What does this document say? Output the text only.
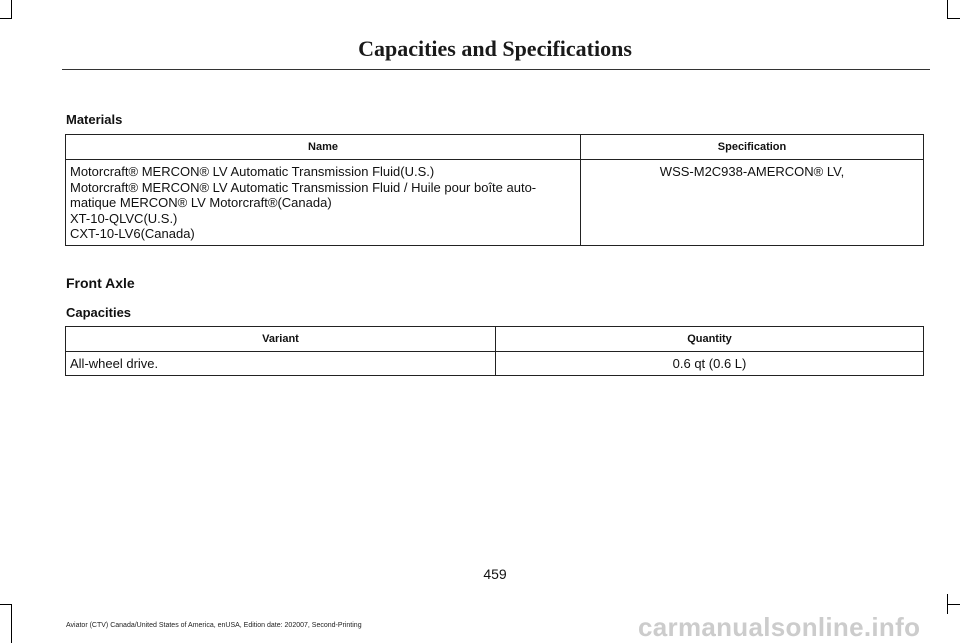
Capacities and Specifications
Materials
Name	Specification

Motorcraft® MERCON® LV Automatic Transmission Fluid(U.S.)
Motorcraft® MERCON® LV Automatic Transmission Fluid / Huile pour boîte auto-
matique MERCON® LV Motorcraft®(Canada)
XT-10-QLVC(U.S.)
CXT-10-LV6(Canada)	WSS-M2C938-AMERCON® LV,
Front Axle
Capacities
Variant	Quantity
All-wheel drive.	0.6 qt (0.6 L)
459
Aviator (CTV) Canada/United States of America, enUSA, Edition date: 202007, Second-Printing	carmanualsonline.info
